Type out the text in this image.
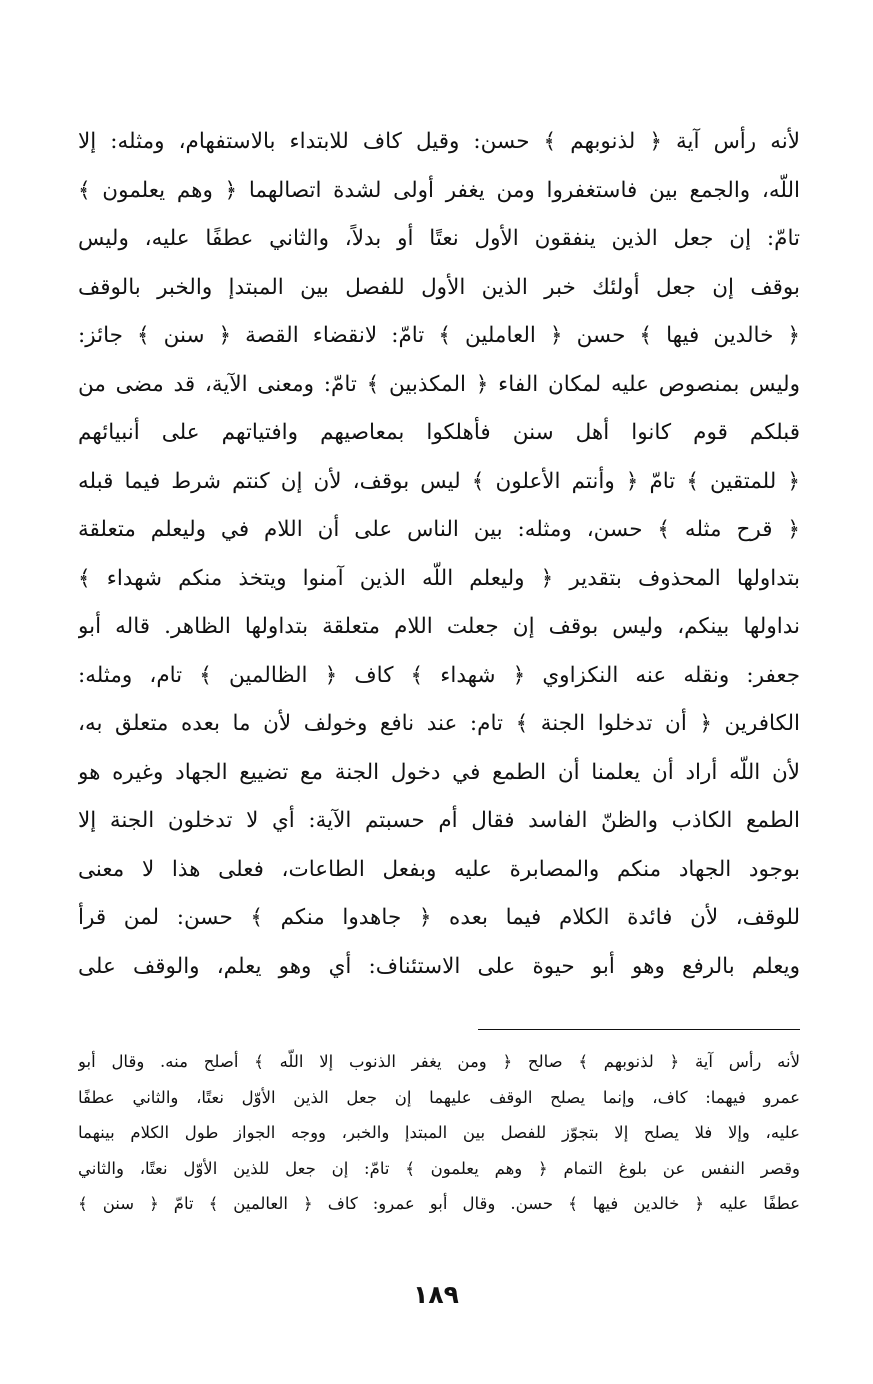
لأنه رأس آية ﴿ لذنوبهم ﴾ حسن: وقيل كاف للابتداء بالاستفهام، ومثله: إلا
اللّه، والجمع بين فاستغفروا ومن يغفر أولى لشدة اتصالهما ﴿ وهم يعلمون ﴾
تامّ: إن جعل الذين ينفقون الأول نعتًا أو بدلاً، والثاني عطفًا عليه، وليس
بوقف إن جعل أولئك خبر الذين الأول للفصل بين المبتدإ والخبر بالوقف
﴿ خالدين فيها ﴾ حسن ﴿ العاملين ﴾ تامّ: لانقضاء القصة ﴿ سنن ﴾ جائز:
وليس بمنصوص عليه لمكان الفاء ﴿ المكذبين ﴾ تامّ: ومعنى الآية، قد مضى من
قبلكم قوم كانوا أهل سنن فأهلكوا بمعاصيهم وافتياتهم على أنبيائهم
﴿ للمتقين ﴾ تامّ ﴿ وأنتم الأعلون ﴾ ليس بوقف، لأن إن كنتم شرط فيما قبله
﴿ قرح مثله ﴾ حسن، ومثله: بين الناس على أن اللام في وليعلم متعلقة
بتداولها المحذوف بتقدير ﴿ وليعلم اللّه الذين آمنوا ويتخذ منكم شهداء ﴾
نداولها بينكم، وليس بوقف إن جعلت اللام متعلقة بتداولها الظاهر. قاله أبو
جعفر: ونقله عنه النكزاوي ﴿ شهداء ﴾ كاف ﴿ الظالمين ﴾ تام، ومثله:
الكافرين ﴿ أن تدخلوا الجنة ﴾ تام: عند نافع وخولف لأن ما بعده متعلق به،
لأن اللّه أراد أن يعلمنا أن الطمع في دخول الجنة مع تضييع الجهاد وغيره هو
الطمع الكاذب والظنّ الفاسد فقال أم حسبتم الآية: أي لا تدخلون الجنة إلا
بوجود الجهاد منكم والمصابرة عليه وبفعل الطاعات، فعلى هذا لا معنى
للوقف، لأن فائدة الكلام فيما بعده ﴿ جاهدوا منكم ﴾ حسن: لمن قرأ
ويعلم بالرفع وهو أبو حيوة على الاستئناف: أي وهو يعلم، والوقف على
لأنه رأس آية ﴿ لذنوبهم ﴾ صالح ﴿ ومن يغفر الذنوب إلا اللّه ﴾ أصلح منه. وقال أبو
عمرو فيهما: كاف، وإنما يصلح الوقف عليهما إن جعل الذين الأوّل نعتًا، والثاني عطفًا
عليه، وإلا فلا يصلح إلا بتجوّز للفصل بين المبتدإ والخبر، ووجه الجواز طول الكلام بينهما
وقصر النفس عن بلوغ التمام ﴿ وهم يعلمون ﴾ تامّ: إن جعل للذين الأوّل نعتًا، والثاني
عطفًا عليه ﴿ خالدين فيها ﴾ حسن. وقال أبو عمرو: كاف ﴿ العالمين ﴾ تامّ ﴿ سنن ﴾
١٨٩
